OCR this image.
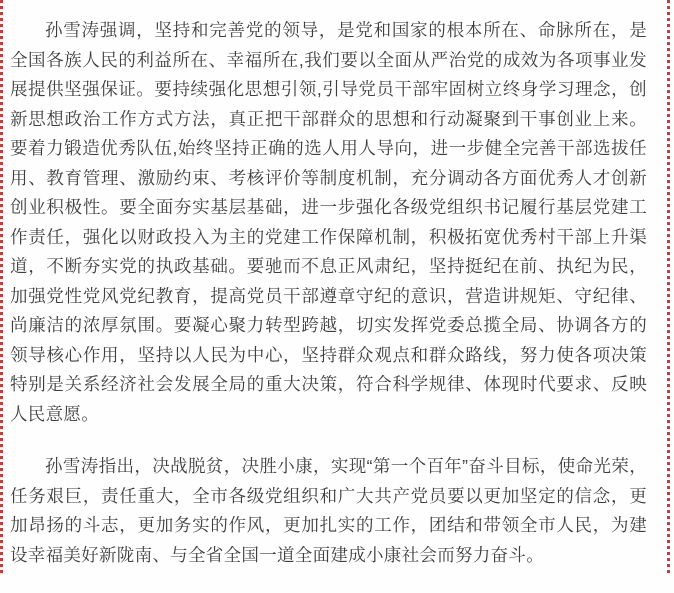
孙雪涛强调，坚持和完善党的领导，是党和国家的根本所在、命脉所在，是全国各族人民的利益所在、幸福所在,我们要以全面从严治党的成效为各项事业发展提供坚强保证。要持续强化思想引领,引导党员干部牢固树立终身学习理念，创新思想政治工作方式方法，真正把干部群众的思想和行动凝聚到干事创业上来。要着力锻造优秀队伍,始终坚持正确的选人用人导向，进一步健全完善干部选拔任用、教育管理、激励约束、考核评价等制度机制，充分调动各方面优秀人才创新创业积极性。要全面夯实基层基础，进一步强化各级党组织书记履行基层党建工作责任，强化以财政投入为主的党建工作保障机制，积极拓宽优秀村干部上升渠道，不断夯实党的执政基础。要驰而不息正风肃纪，坚持挺纪在前、执纪为民，加强党性党风党纪教育，提高党员干部遵章守纪的意识，营造讲规矩、守纪律、尚廉洁的浓厚氛围。要凝心聚力转型跨越，切实发挥党委总揽全局、协调各方的领导核心作用，坚持以人民为中心，坚持群众观点和群众路线，努力使各项决策特别是关系经济社会发展全局的重大决策，符合科学规律、体现时代要求、反映人民意愿。

孙雪涛指出，决战脱贫，决胜小康，实现“第一个百年”奋斗目标，使命光荣，任务艰巨，责任重大，全市各级党组织和广大共产党员要以更加坚定的信念，更加昂扬的斗志，更加务实的作风，更加扎实的工作，团结和带领全市人民，为建设幸福美好新陇南、与全省全国一道全面建成小康社会而努力奋斗。
